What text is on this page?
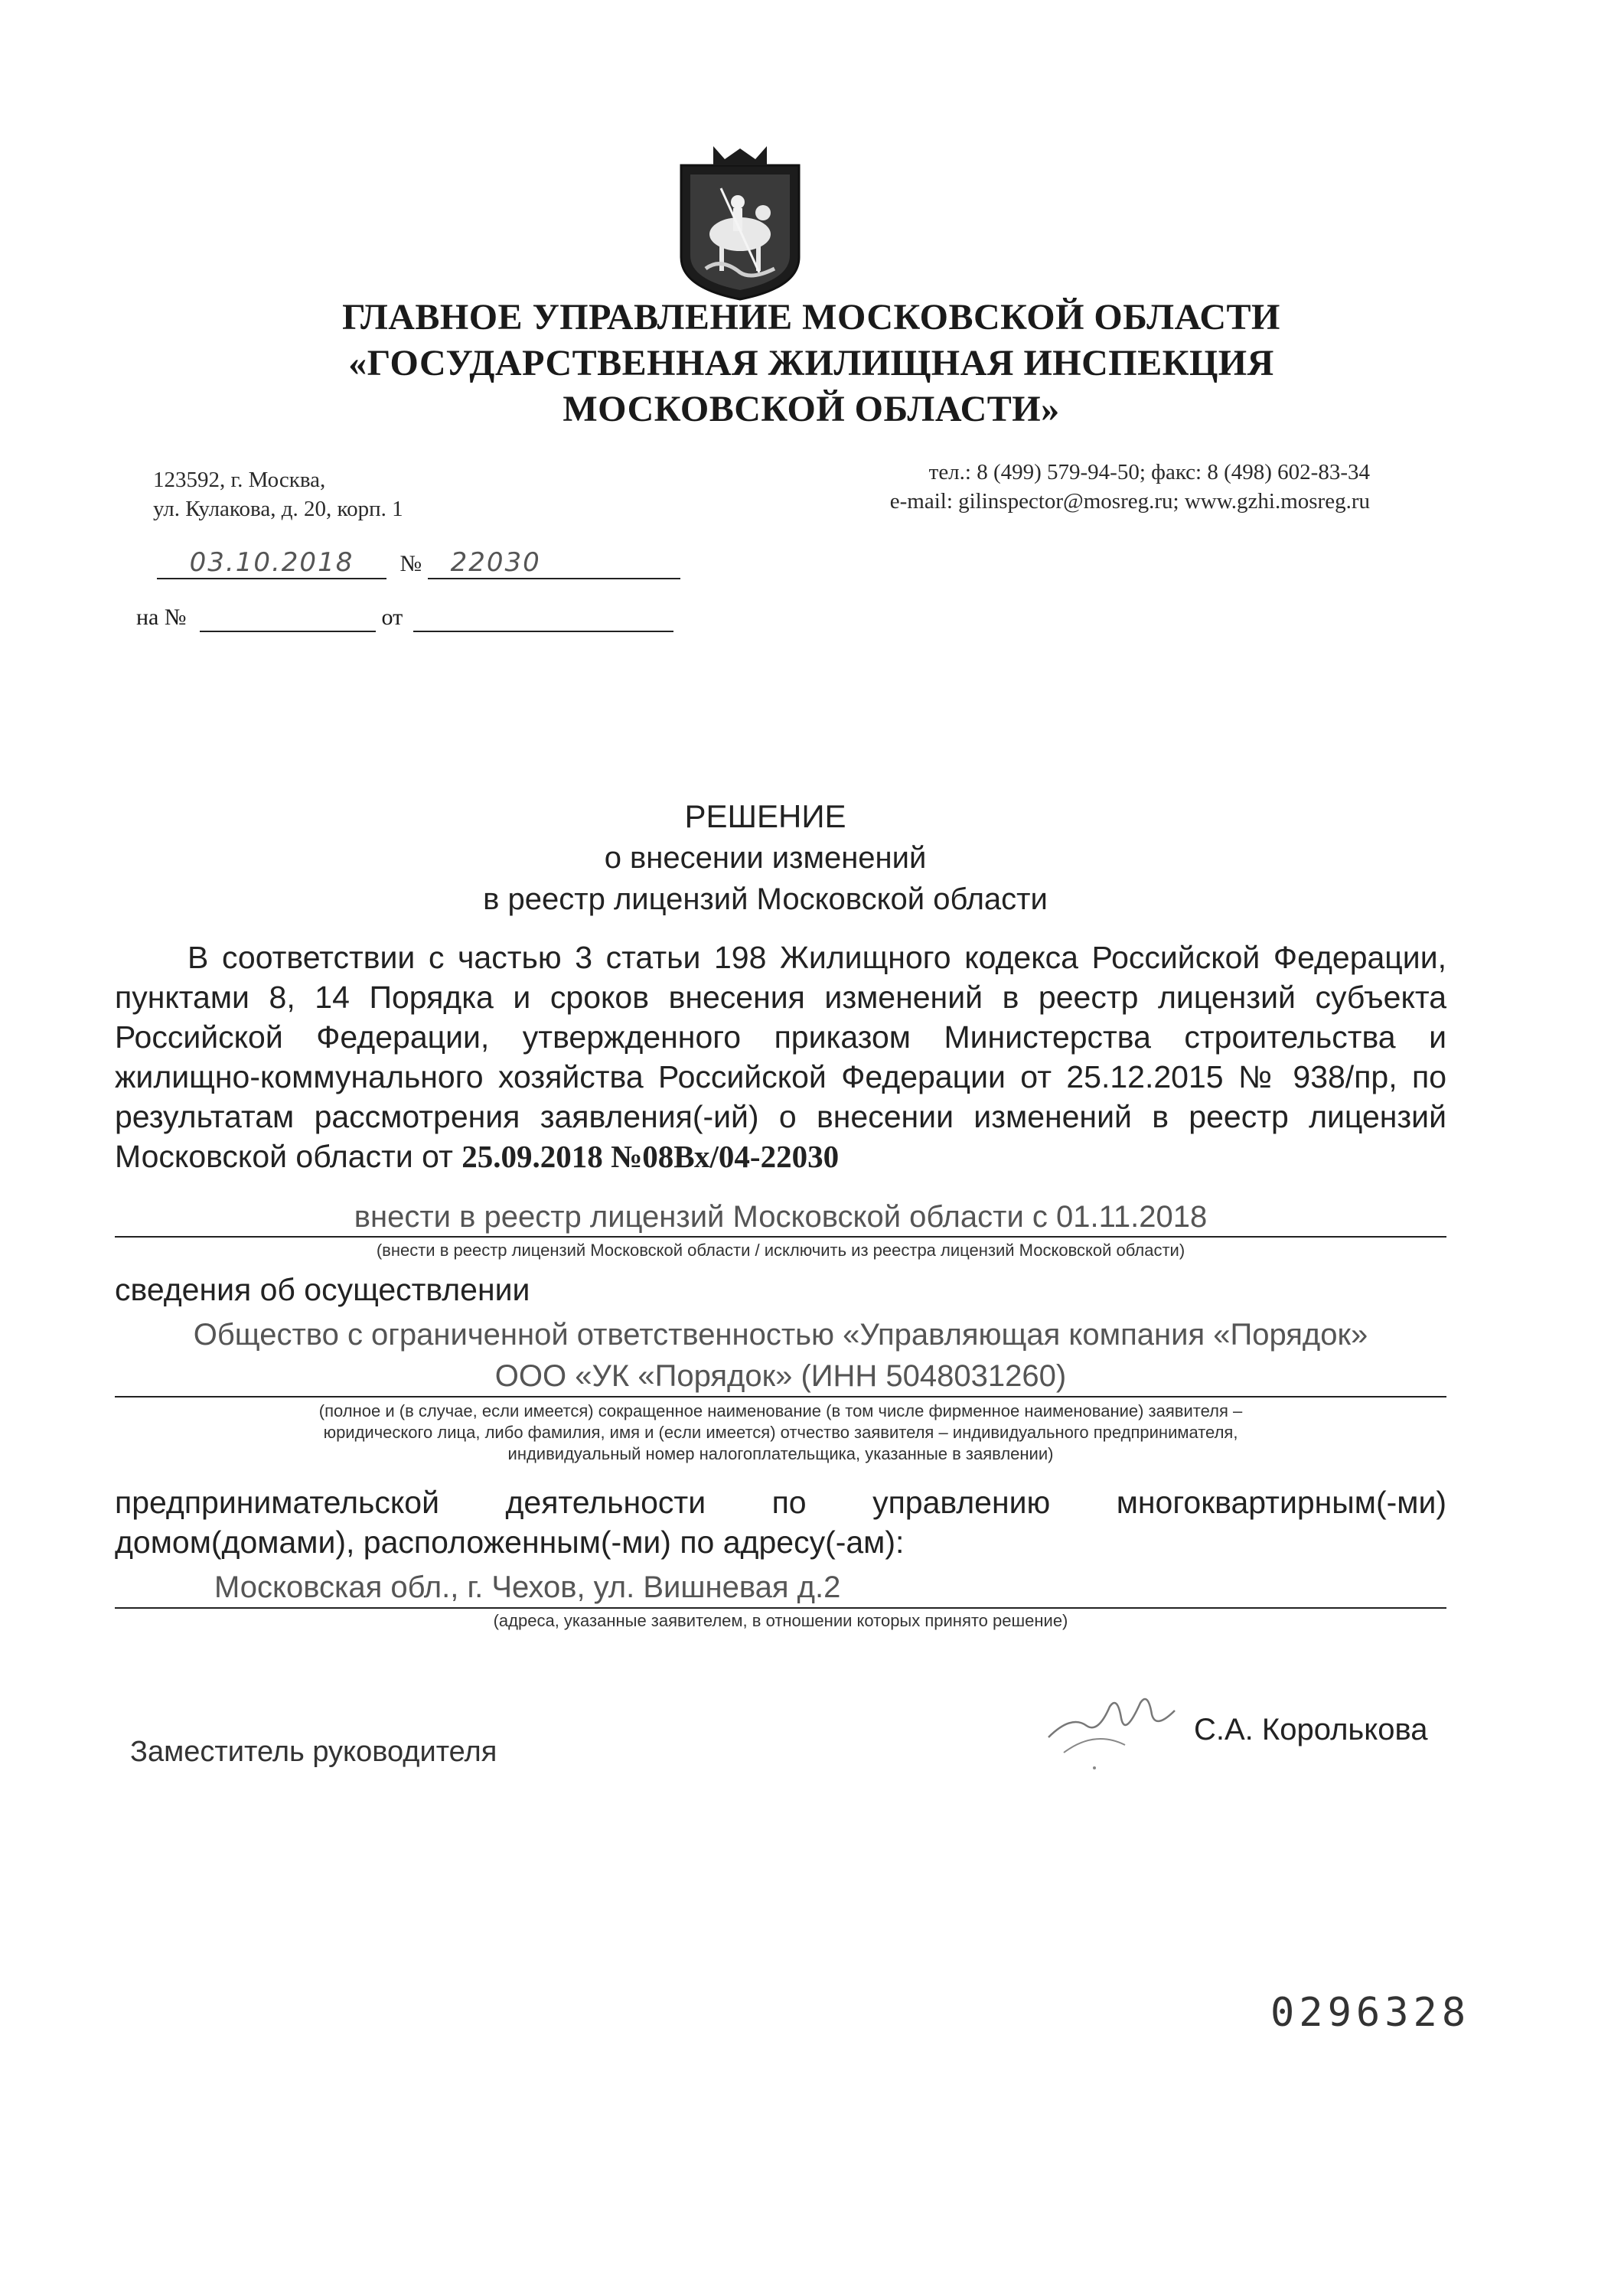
ГЛАВНОЕ УПРАВЛЕНИЕ МОСКОВСКОЙ ОБЛАСТИ
«ГОСУДАРСТВЕННАЯ ЖИЛИЩНАЯ ИНСПЕКЦИЯ
МОСКОВСКОЙ ОБЛАСТИ»
123592, г. Москва,
ул. Кулакова, д. 20, корп. 1
тел.: 8 (499) 579-94-50; факс: 8 (498) 602-83-34
e-mail: gilinspector@mosreg.ru; www.gzhi.mosreg.ru
03.10.2018 № 22030
на №	от
РЕШЕНИЕ
о внесении изменений
в реестр лицензий Московской области
В соответствии с частью 3 статьи 198 Жилищного кодекса Российской Федерации, пунктами 8, 14 Порядка и сроков внесения изменений в реестр лицензий субъекта Российской Федерации, утвержденного приказом Министерства строительства и жилищно-коммунального хозяйства Российской Федерации от 25.12.2015 № 938/пр, по результатам рассмотрения заявления(-ий) о внесении изменений в реестр лицензий Московской области от 25.09.2018 №08Вх/04-22030
внести в реестр лицензий Московской области с 01.11.2018
(внести в реестр лицензий Московской области / исключить из реестра лицензий Московской области)
сведения об осуществлении
Общество с ограниченной ответственностью «Управляющая компания «Порядок»
ООО «УК «Порядок» (ИНН 5048031260)
(полное и (в случае, если имеется) сокращенное наименование (в том числе фирменное наименование) заявителя –
юридического лица, либо фамилия, имя и (если имеется) отчество заявителя – индивидуального предпринимателя,
индивидуальный номер налогоплательщика, указанные в заявлении)
предпринимательской деятельности по управлению многоквартирным(-ми)
домом(домами), расположенным(-ми) по адресу(-ам):
Московская обл., г. Чехов, ул. Вишневая д.2
(адреса, указанные заявителем, в отношении которых принято решение)
Заместитель руководителя
С.А. Королькова
0296328
